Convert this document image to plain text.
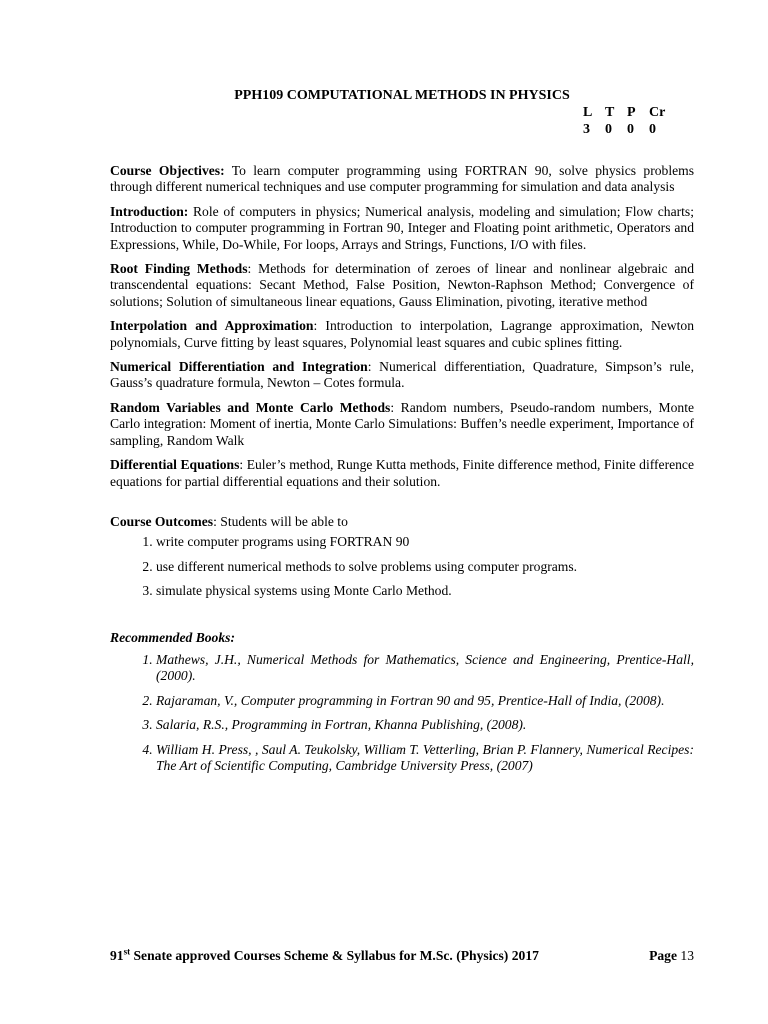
PPH109 COMPUTATIONAL METHODS IN PHYSICS
L T P Cr
3 0 0 0

Course Objectives: To learn computer programming using FORTRAN 90, solve physics problems through different numerical techniques and use computer programming for simulation and data analysis

Introduction: Role of computers in physics; Numerical analysis, modeling and simulation; Flow charts; Introduction to computer programming in Fortran 90, Integer and Floating point arithmetic, Operators and Expressions, While, Do-While, For loops, Arrays and Strings, Functions, I/O with files.

Root Finding Methods: Methods for determination of zeroes of linear and nonlinear algebraic and transcendental equations: Secant Method, False Position, Newton-Raphson Method; Convergence of solutions; Solution of simultaneous linear equations, Gauss Elimination, pivoting, iterative method

Interpolation and Approximation: Introduction to interpolation, Lagrange approximation, Newton polynomials, Curve fitting by least squares, Polynomial least squares and cubic splines fitting.

Numerical Differentiation and Integration: Numerical differentiation, Quadrature, Simpson’s rule, Gauss’s quadrature formula, Newton – Cotes formula.

Random Variables and Monte Carlo Methods: Random numbers, Pseudo-random numbers, Monte Carlo integration: Moment of inertia, Monte Carlo Simulations: Buffen’s needle experiment, Importance of sampling, Random Walk

Differential Equations: Euler’s method, Runge Kutta methods, Finite difference method, Finite difference equations for partial differential equations and their solution.

Course Outcomes: Students will be able to
1. write computer programs using FORTRAN 90
2. use different numerical methods to solve problems using computer programs.
3. simulate physical systems using Monte Carlo Method.
Recommended Books:
1. Mathews, J.H., Numerical Methods for Mathematics, Science and Engineering, Prentice-Hall, (2000).
2. Rajaraman, V., Computer programming in Fortran 90 and 95, Prentice-Hall of India, (2008).
3. Salaria, R.S., Programming in Fortran, Khanna Publishing, (2008).
4. William H. Press, , Saul A. Teukolsky, William T. Vetterling, Brian P. Flannery, Numerical Recipes: The Art of Scientific Computing, Cambridge University Press, (2007)
91st Senate approved Courses Scheme & Syllabus for M.Sc. (Physics) 2017	Page 13
